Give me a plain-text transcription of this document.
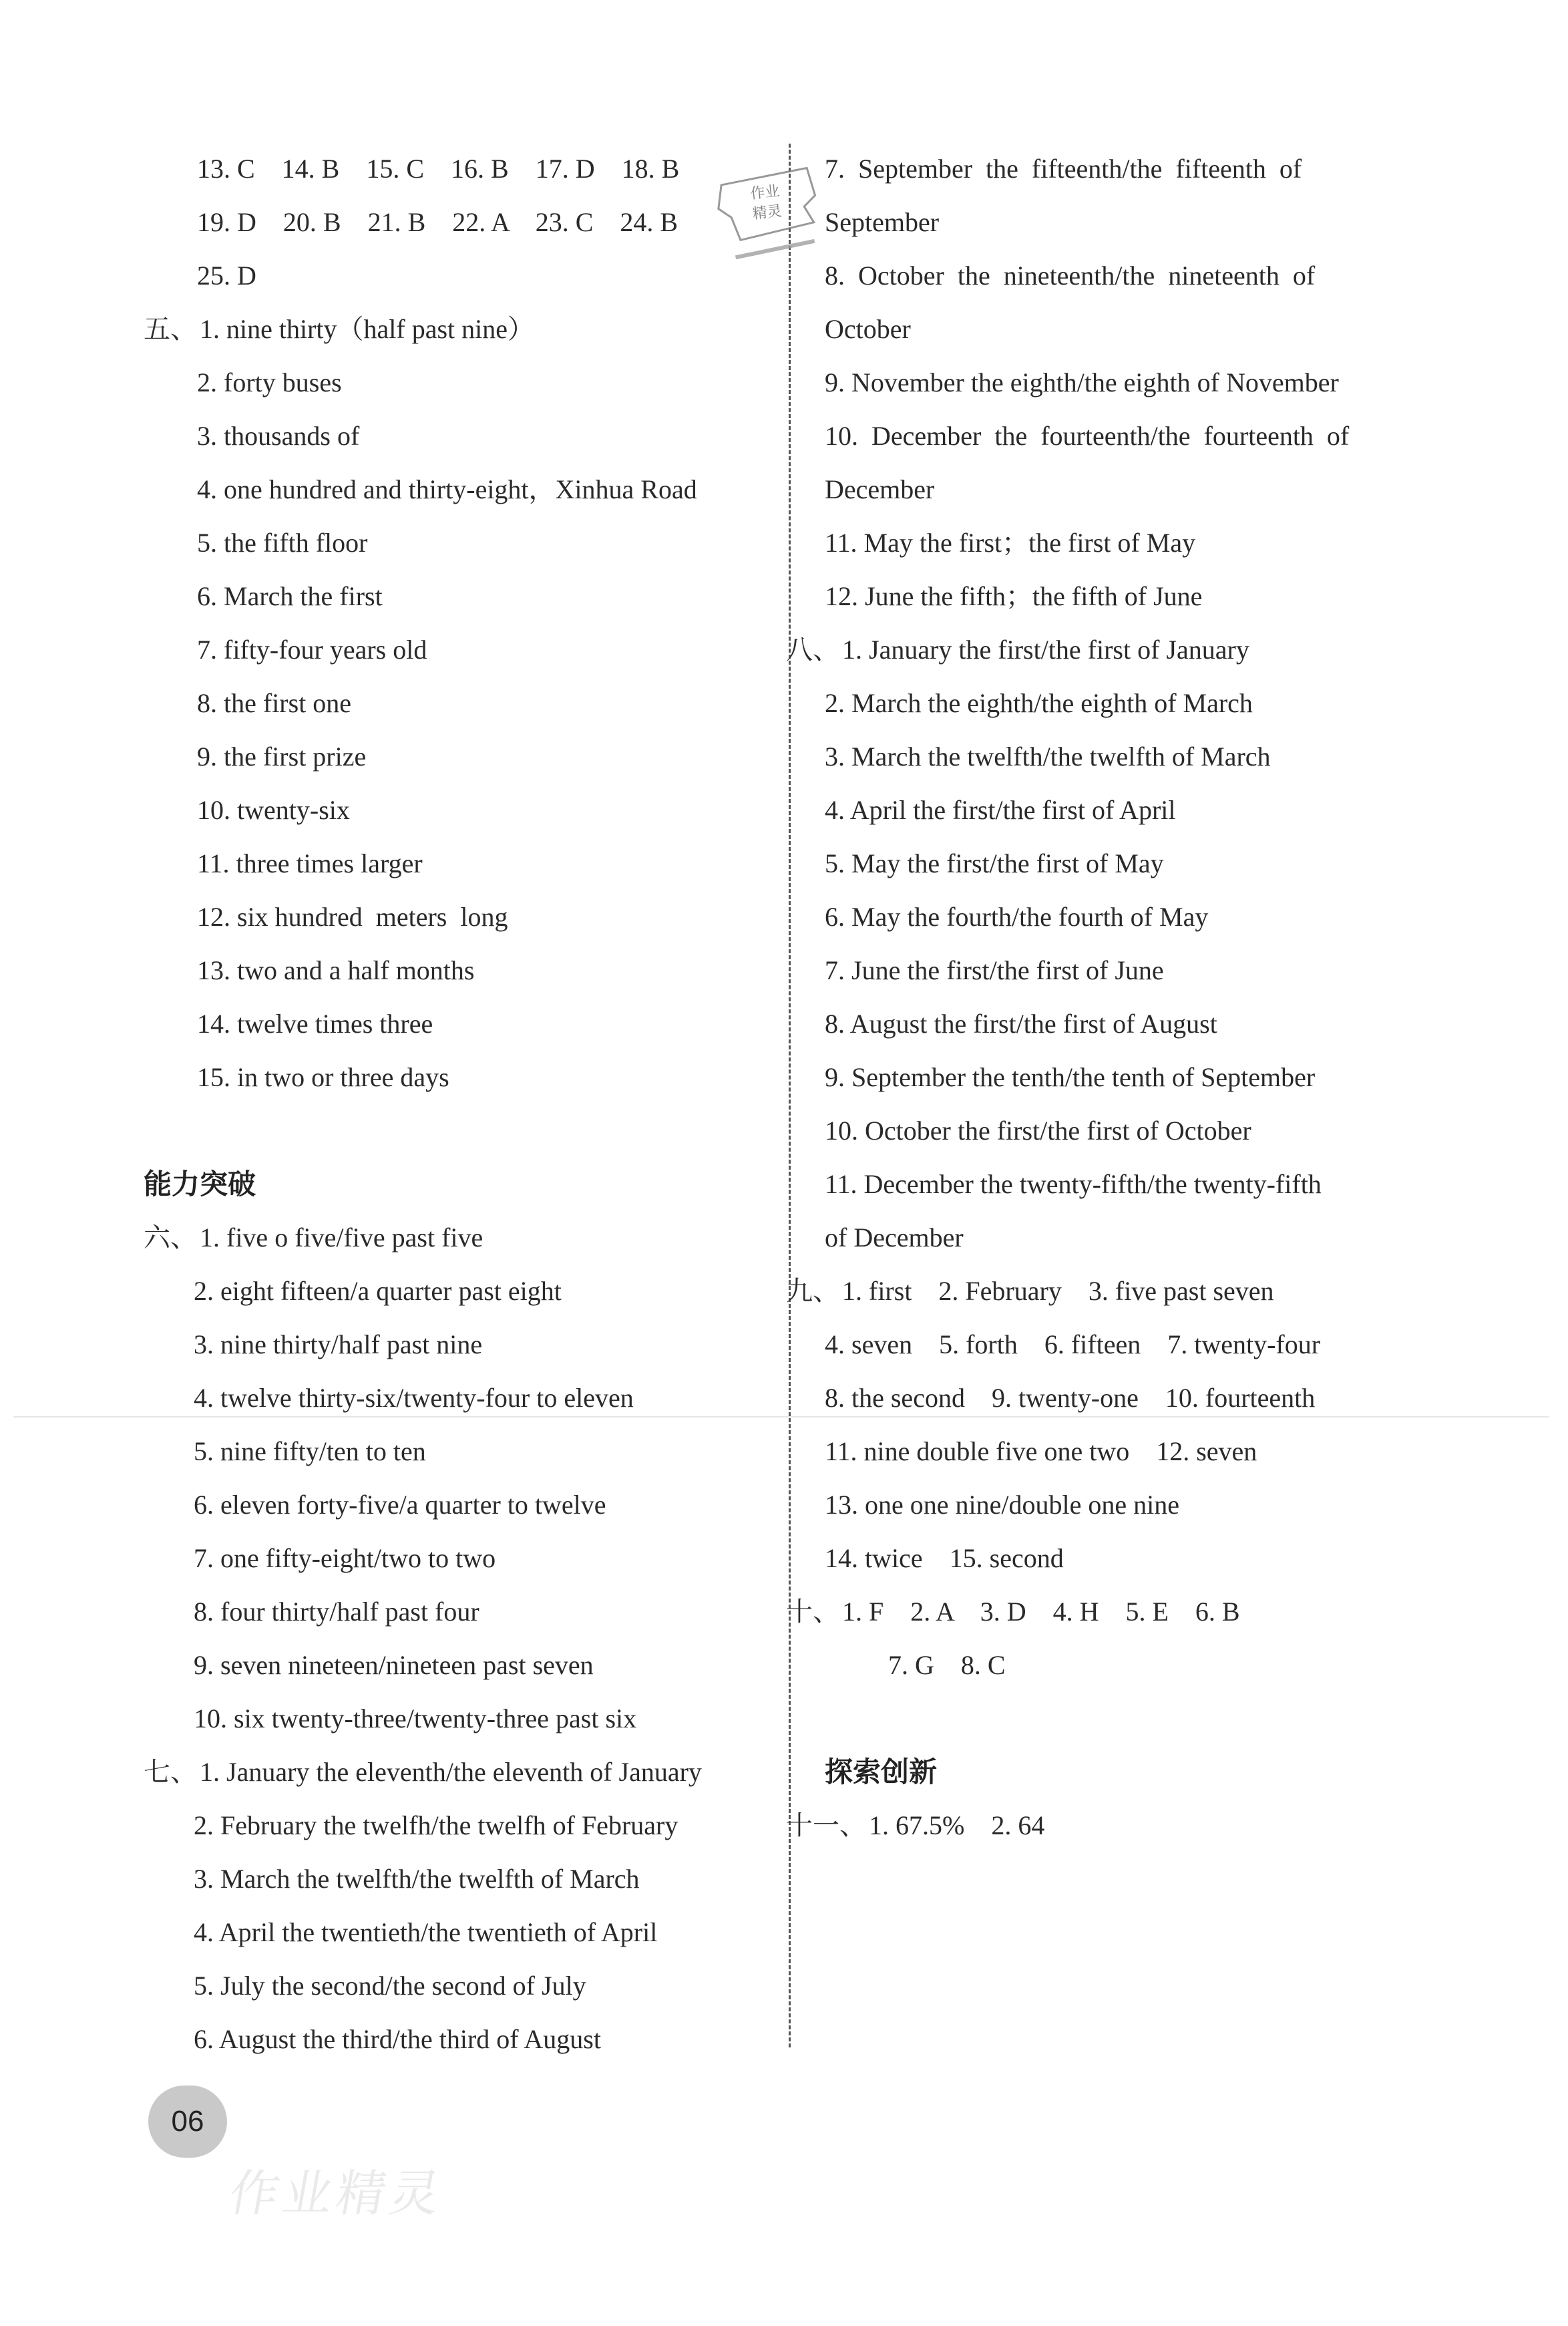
13. C    14. B    15. C    16. B    17. D    18. B
19. D    20. B    21. B    22. A    23. C    24. B
25. D
五、 1. nine thirty（half past nine）
2. forty buses
3. thousands of
4. one hundred and thirty-eight，Xinhua Road
5. the fifth floor
6. March the first
7. fifty-four years old
8. the first one
9. the first prize
10. twenty-six
11. three times larger
12. six hundred  meters  long
13. two and a half months
14. twelve times three
15. in two or three days
能力突破
六、 1. five o five/five past five
2. eight fifteen/a quarter past eight
3. nine thirty/half past nine
4. twelve thirty-six/twenty-four to eleven
5. nine fifty/ten to ten
6. eleven forty-five/a quarter to twelve
7. one fifty-eight/two to two
8. four thirty/half past four
9. seven nineteen/nineteen past seven
10. six twenty-three/twenty-three past six
七、 1. January the eleventh/the eleventh of January
2. February the twelfh/the twelfh of February
3. March the twelfth/the twelfth of March
4. April the twentieth/the twentieth of April
5. July the second/the second of July
6. August the third/the third of August
7.  September  the  fifteenth/the  fifteenth  of
September
8.  October  the  nineteenth/the  nineteenth  of
October
9. November the eighth/the eighth of November
10.  December  the  fourteenth/the  fourteenth  of
December
11. May the first；the first of May
12. June the fifth；the fifth of June
八、 1. January the first/the first of January
2. March the eighth/the eighth of March
3. March the twelfth/the twelfth of March
4. April the first/the first of April
5. May the first/the first of May
6. May the fourth/the fourth of May
7. June the first/the first of June
8. August the first/the first of August
9. September the tenth/the tenth of September
10. October the first/the first of October
11. December the twenty-fifth/the twenty-fifth
of December
九、 1. first    2. February    3. five past seven
4. seven    5. forth    6. fifteen    7. twenty-four
8. the second    9. twenty-one    10. fourteenth
11. nine double five one two    12. seven
13. one one nine/double one nine
14. twice    15. second
十、 1. F    2. A    3. D    4. H    5. E    6. B
7. G    8. C
探索创新
十一、 1. 67.5%    2. 64
作业
精灵
06
作业精灵
